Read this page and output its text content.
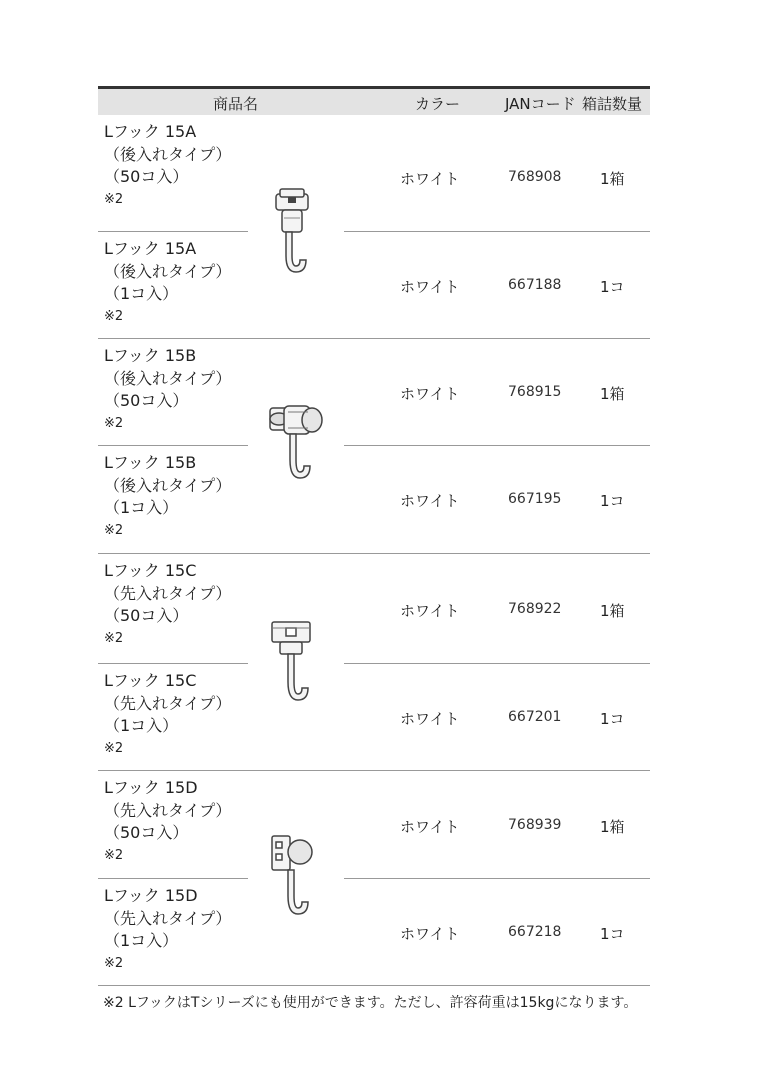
商品名	カラー	JANコード 箱詰数量
Lフック 15A
（後入れタイプ）
（50コ入）
※2
ホワイト	768908	1箱
Lフック 15A
（後入れタイプ）
（1コ入）
※2
ホワイト	667188	1コ
Lフック 15B
（後入れタイプ）
（50コ入）
※2
ホワイト	768915	1箱
Lフック 15B
（後入れタイプ）
（1コ入）
※2
ホワイト	667195	1コ
Lフック 15C
（先入れタイプ）
（50コ入）
※2
ホワイト	768922	1箱
Lフック 15C
（先入れタイプ）
（1コ入）
※2
ホワイト	667201	1コ
Lフック 15D
（先入れタイプ）
（50コ入）
※2
ホワイト	768939	1箱
Lフック 15D
（先入れタイプ）
（1コ入）
※2
ホワイト	667218	1コ
※2 LフックはTシリーズにも使用ができます。ただし、許容荷重は15kgになります。
